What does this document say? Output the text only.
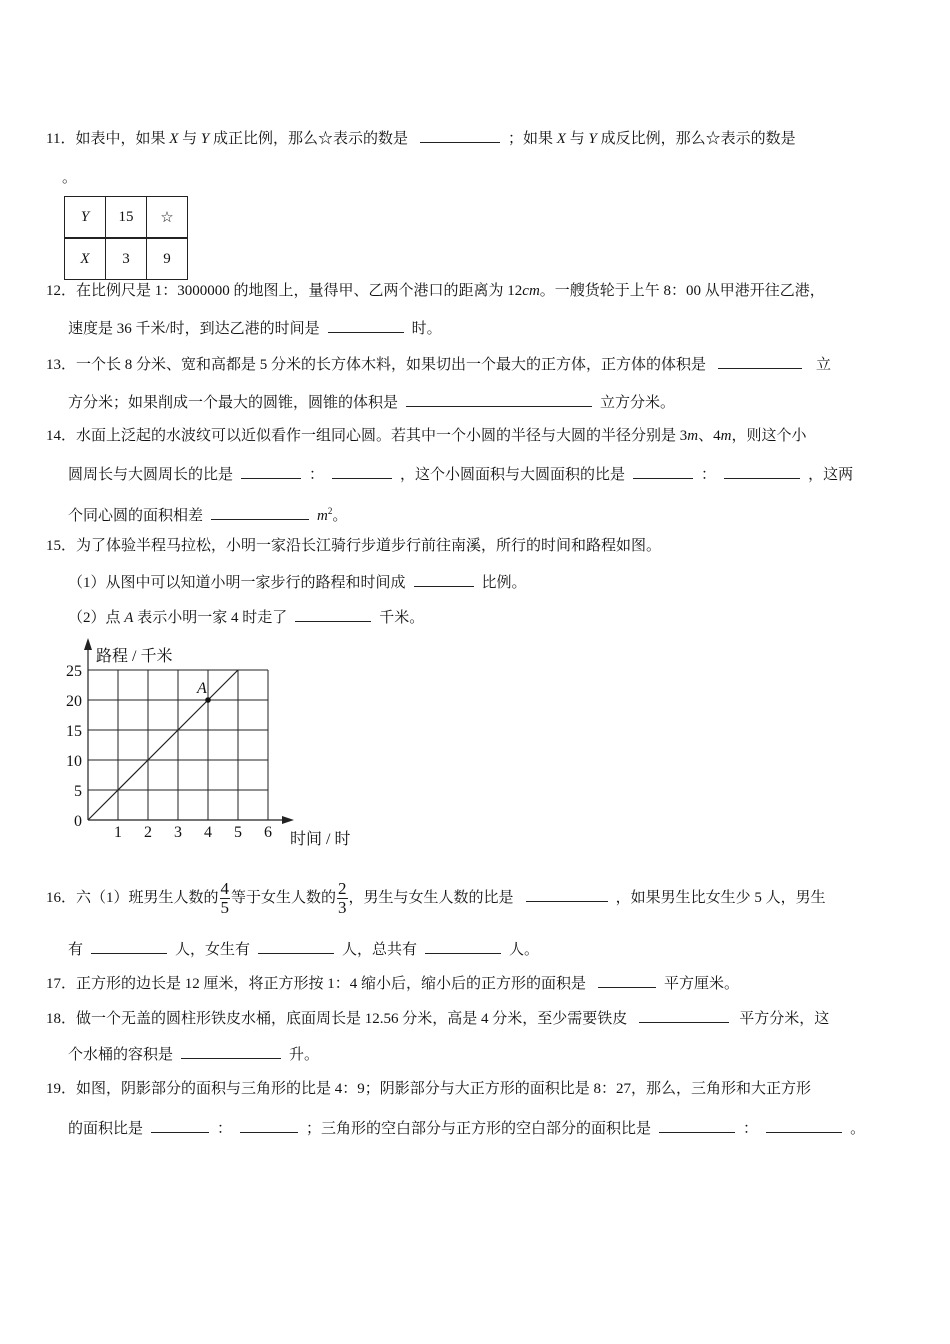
11．如表中，如果 X 与 Y 成正比例，那么☆表示的数是	；如果 X 与 Y 成反比例，那么☆表示的数是
。
Y	15	☆
X	3	9
12．在比例尺是 1：3000000 的地图上，量得甲、乙两个港口的距离为 12cm。一艘货轮于上午 8：00 从甲港开往乙港，
速度是 36 千米/时，到达乙港的时间是	时。
13．一个长 8 分米、宽和高都是 5 分米的长方体木料，如果切出一个最大的正方体，正方体的体积是	立
方分米；如果削成一个最大的圆锥，圆锥的体积是	立方分米。
14．水面上泛起的水波纹可以近似看作一组同心圆。若其中一个小圆的半径与大圆的半径分别是 3m、4m，则这个小
圆周长与大圆周长的比是	：	，这个小圆面积与大圆面积的比是	：	，这两
个同心圆的面积相差	$m^2$。
15．为了体验半程马拉松，小明一家沿长江骑行步道步行前往南溪，所行的时间和路程如图。
（1）从图中可以知道小明一家步行的路程和时间成	比例。
（2）点 A 表示小明一家 4 时走了	千米。
0
1 2 3 4 5 6
5
10
15
20
25
路程 / 千米
时间 / 时
A
16．六（1）班男生人数的 $\frac{4}{5}$ 等于女生人数的 $\frac{2}{3}$ ，男生与女生人数的比是	，如果男生比女生少 5 人，男生
有	人，女生有	人，总共有	人。
17．正方形的边长是 12 厘米，将正方形按 1：4 缩小后，缩小后的正方形的面积是	平方厘米。
18．做一个无盖的圆柱形铁皮水桶，底面周长是 12.56 分米，高是 4 分米，至少需要铁皮	平方分米，这
个水桶的容积是	升。
19．如图，阴影部分的面积与三角形的比是 4：9；阴影部分与大正方形的面积比是 8：27，那么，三角形和大正方形
的面积比是	：	；三角形的空白部分与正方形的空白部分的面积比是	：	。
